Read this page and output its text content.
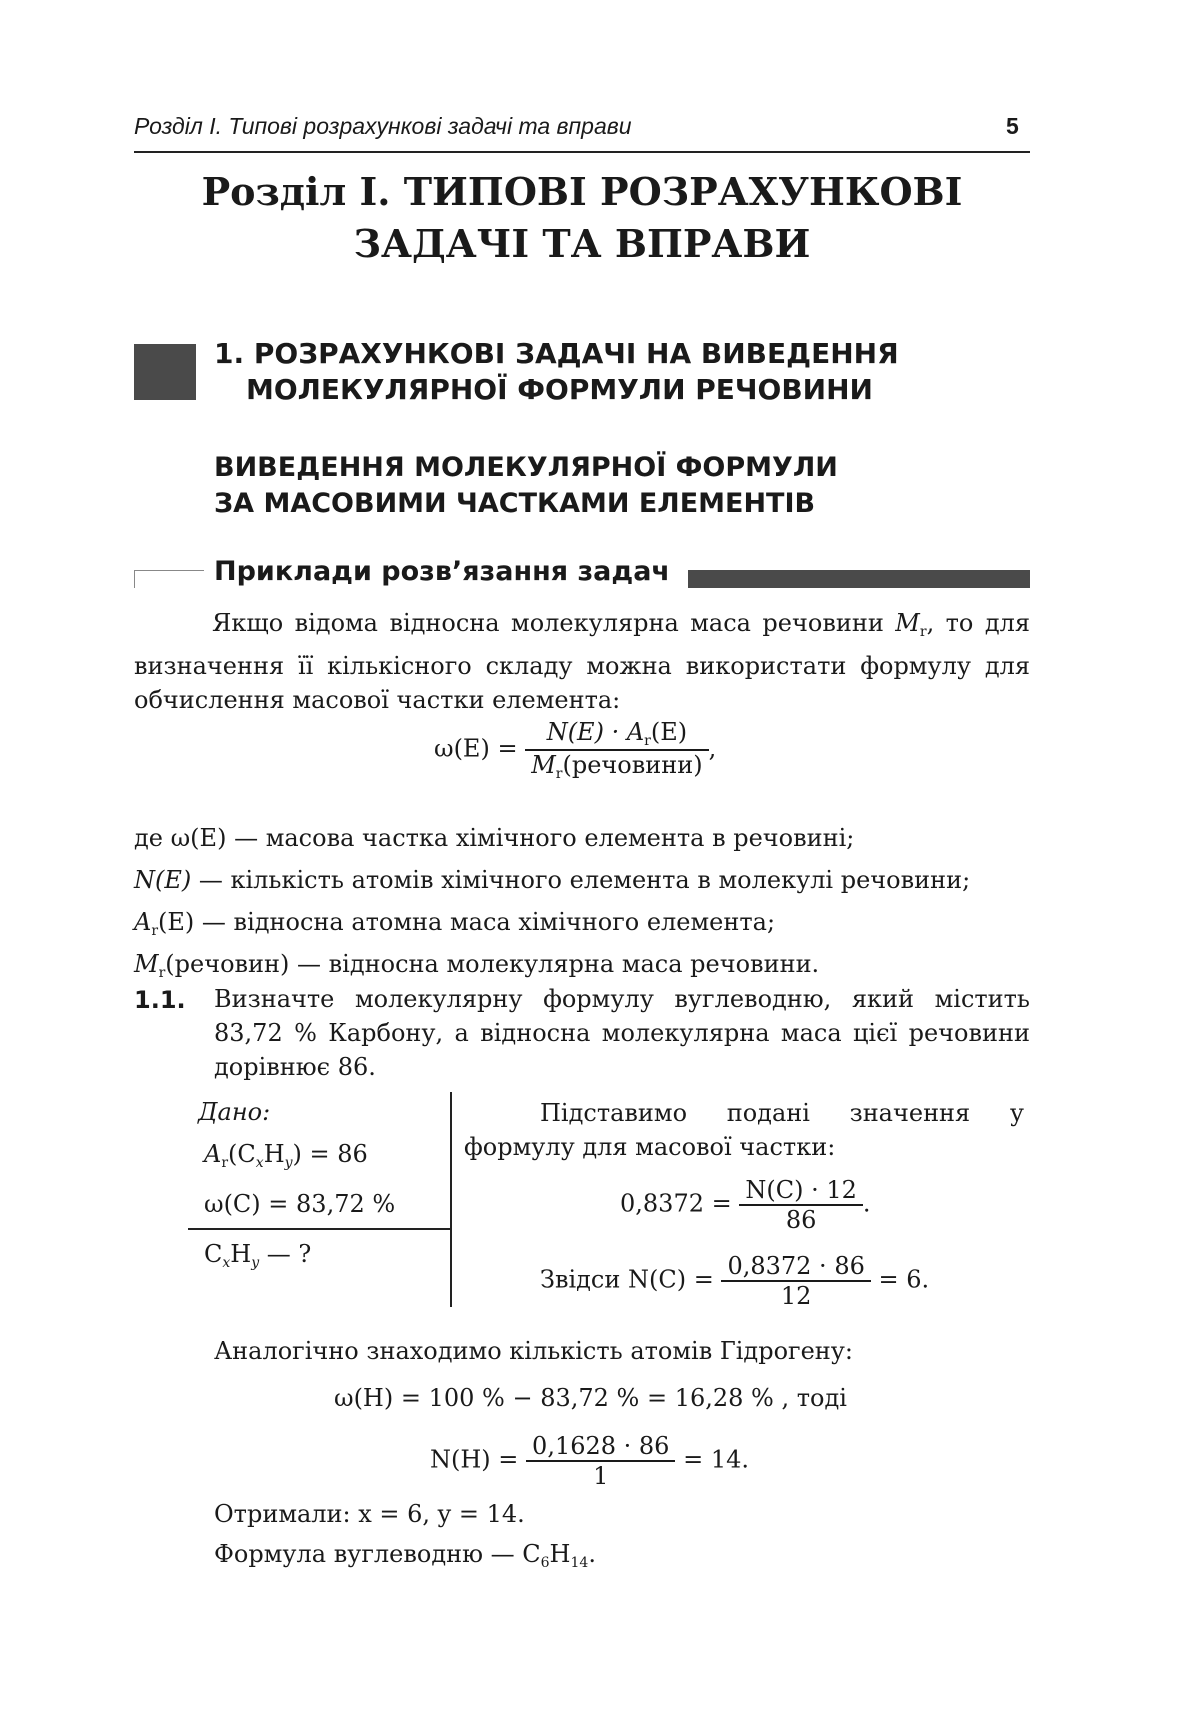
Розділ І. Типові розрахункові задачі та вправи	5
Розділ І. ТИПОВІ РОЗРАХУНКОВІ
ЗАДАЧІ ТА ВПРАВИ
1. РОЗРАХУНКОВІ ЗАДАЧІ НА ВИВЕДЕННЯ
МОЛЕКУЛЯРНОЇ ФОРМУЛИ РЕЧОВИНИ
ВИВЕДЕННЯ МОЛЕКУЛЯРНОЇ ФОРМУЛИ
ЗА МАСОВИМИ ЧАСТКАМИ ЕЛЕМЕНТІВ
Приклади розв’язання задач
Якщо відома відносна молекулярна маса речовини $M_r$, то для визначення її кількісного складу можна використати формулу для обчислення масової частки елемента:
$\omega(E) = \frac{N(E) \cdot A_r(E)}{M_r(речовини)}$ ,
де ω(E) — масова частка хімічного елемента в речовині;
N(E) — кількість атомів хімічного елемента в молекулі речовини;
$A_r(E)$ — відносна атомна маса хімічного елемента;
$M_r(речовин)$ — відносна молекулярна маса речовини.
1.1. Визначте молекулярну формулу вуглеводню, який містить 83,72 % Карбону, а відносна молекулярна маса цієї речовини дорівнює 86.
Дано:
$A_r(C_xH_y) = 86$
ω(C) = 83,72 %
$C_xH_y$ — ?
Підставимо подані значення у формулу для масової частки:
$0,8372 = \frac{N(C) \cdot 12}{86}$ .
Звідси $N(C) = \frac{0,8372 \cdot 86}{12} = 6$.
Аналогічно знаходимо кількість атомів Гідрогену:
ω(H) = 100 % − 83,72 % = 16,28 % , тоді
$N(H) = \frac{0,1628 \cdot 86}{1} = 14$.
Отримали: x = 6, y = 14.
Формула вуглеводню — $C_6H_{14}$.
